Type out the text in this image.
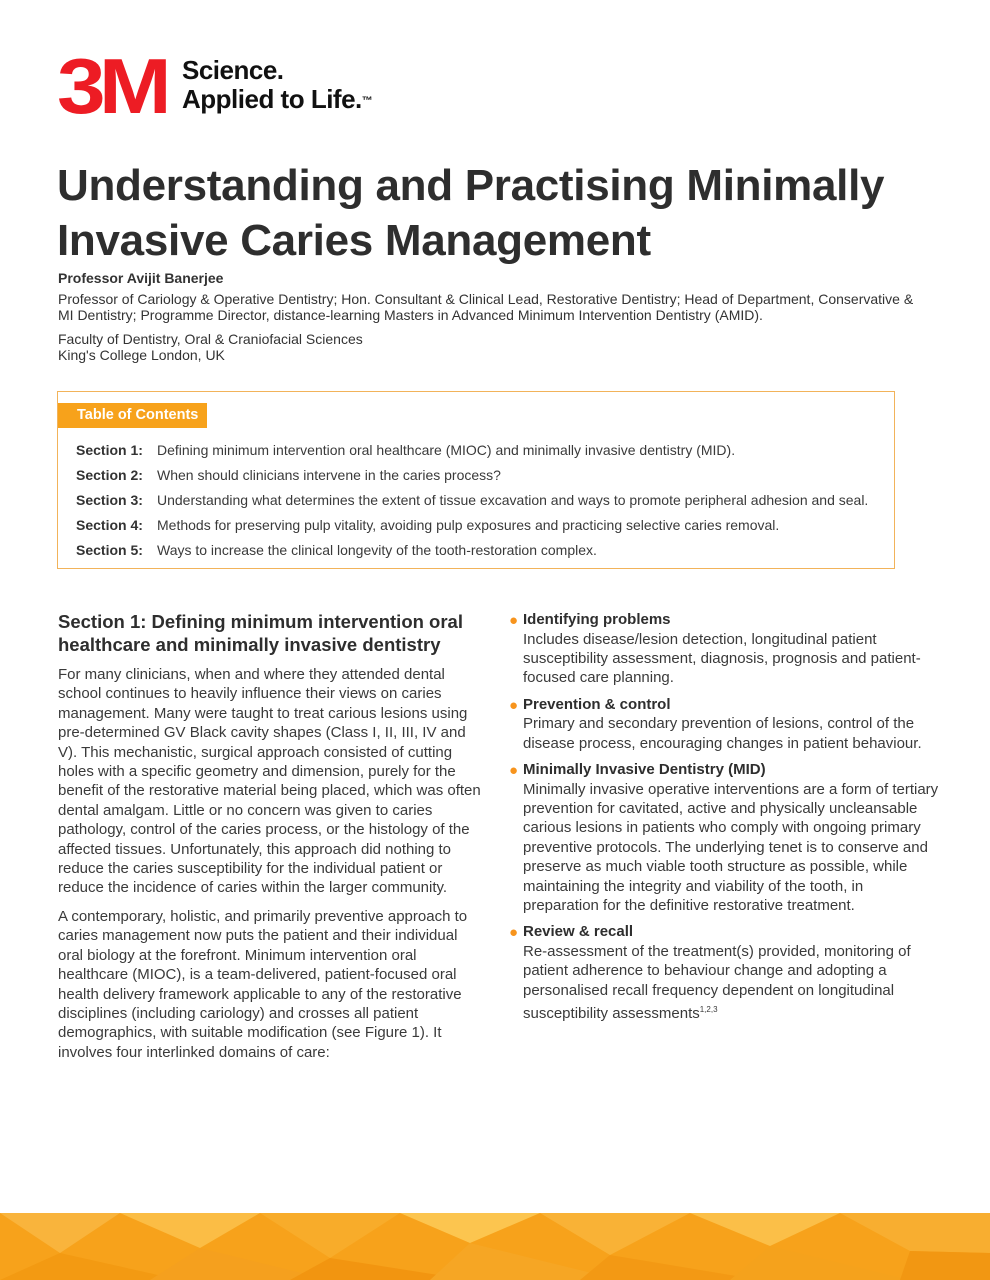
3M Science.
Applied to Life.™
Understanding and Practising Minimally Invasive Caries Management
Professor Avijit Banerjee
Professor of Cariology & Operative Dentistry; Hon. Consultant & Clinical Lead, Restorative Dentistry; Head of Department, Conservative & MI Dentistry; Programme Director, distance-learning Masters in Advanced Minimum Intervention Dentistry (AMID).
Faculty of Dentistry, Oral & Craniofacial Sciences
King's College London, UK
Table of Contents
Section 1:	Defining minimum intervention oral healthcare (MIOC) and minimally invasive dentistry (MID).
Section 2:	When should clinicians intervene in the caries process?
Section 3:	Understanding what determines the extent of tissue excavation and ways to promote peripheral adhesion and seal.
Section 4:	Methods for preserving pulp vitality, avoiding pulp exposures and practicing selective caries removal.
Section 5:	Ways to increase the clinical longevity of the tooth-restoration complex.
Section 1: Defining minimum intervention oral healthcare and minimally invasive dentistry

For many clinicians, when and where they attended dental school continues to heavily influence their views on caries management. Many were taught to treat carious lesions using pre-determined GV Black cavity shapes (Class I, II, III, IV and V). This mechanistic, surgical approach consisted of cutting holes with a specific geometry and dimension, purely for the benefit of the restorative material being placed, which was often dental amalgam. Little or no concern was given to caries pathology, control of the caries process, or the histology of the affected tissues. Unfortunately, this approach did nothing to reduce the caries susceptibility for the individual patient or reduce the incidence of caries within the larger community.

A contemporary, holistic, and primarily preventive approach to caries management now puts the patient and their individual oral biology at the forefront. Minimum intervention oral healthcare (MIOC), is a team-delivered, patient-focused oral health delivery framework applicable to any of the restorative disciplines (including cariology) and crosses all patient demographics, with suitable modification (see Figure 1). It involves four interlinked domains of care:

● Identifying problems

Includes disease/lesion detection, longitudinal patient susceptibility assessment, diagnosis, prognosis and patient-focused care planning.

● Prevention & control

Primary and secondary prevention of lesions, control of the disease process, encouraging changes in patient behaviour.

● Minimally Invasive Dentistry (MID)

Minimally invasive operative interventions are a form of tertiary prevention for cavitated, active and physically uncleansable carious lesions in patients who comply with ongoing primary preventive protocols. The underlying tenet is to conserve and preserve as much viable tooth structure as possible, while maintaining the integrity and viability of the tooth, in preparation for the definitive restorative treatment.

● Review & recall

Re-assessment of the treatment(s) provided, monitoring of patient adherence to behaviour change and adopting a personalised recall frequency dependent on longitudinal susceptibility assessments$^{1,2,3}$
